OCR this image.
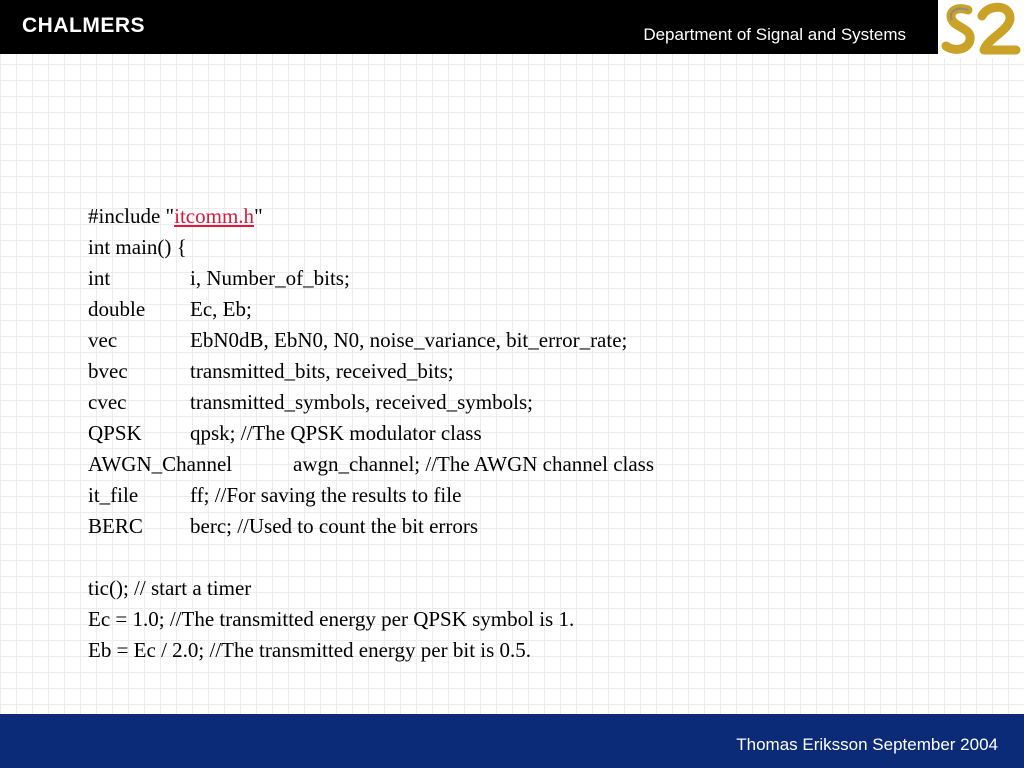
CHALMERS	Department of Signal and Systems
#include "itcomm.h"
int main() {
int	i, Number_of_bits;
double Ec, Eb;
vec	EbN0dB, EbN0, N0, noise_variance, bit_error_rate;
bvec	transmitted_bits, received_bits;
cvec	transmitted_symbols, received_symbols;
QPSK qpsk; //The QPSK modulator class
AWGN_Channel	awgn_channel; //The AWGN channel class
it_file ff; //For saving the results to file
BERC berc; //Used to count the bit errors
tic(); // start a timer
Ec = 1.0; //The transmitted energy per QPSK symbol is 1.
Eb = Ec / 2.0; //The transmitted energy per bit is 0.5.
Thomas Eriksson September 2004
